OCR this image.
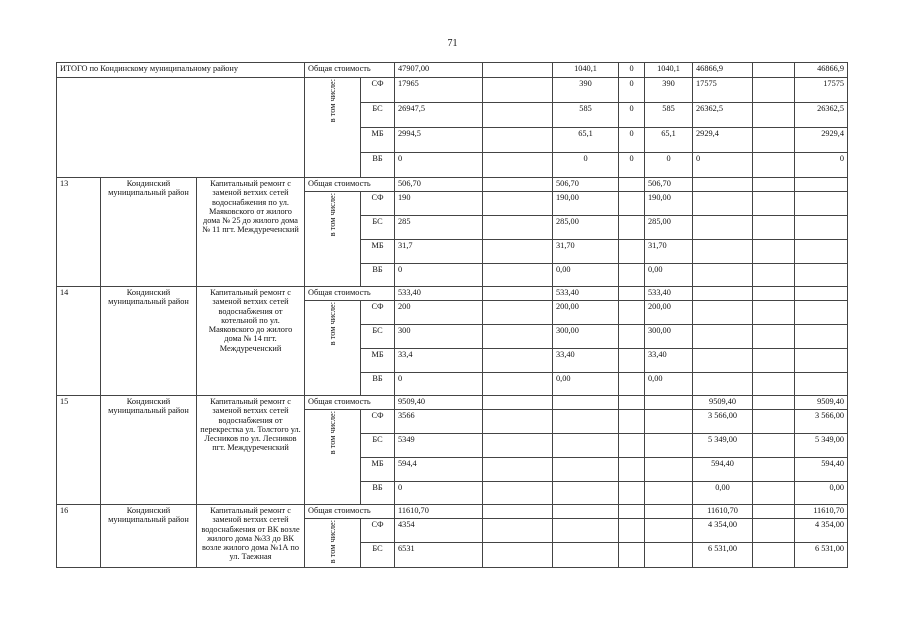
71
ИТОГО по Кондинскому муниципальному району			Общая стоимость		47907,00		1040,1	0	1040,1	46866,9		46866,9
			в том числе:	СФ	17965		390	0	390	17575		17575
				БС	26947,5		585	0	585	26362,5		26362,5
				МБ	2994,5		65,1	0	65,1	2929,4		2929,4
				ВБ	0		0	0	0	0		0
13	Кондинский муниципальный район	Капитальный ремонт с заменой ветхих сетей водоснабжения по ул. Маяковского от жилого дома № 25 до жилого дома № 11 пгт. Междуреченский	Общая стоимость		506,70		506,70		506,70			
			в том числе:	СФ	190		190,00		190,00			
				БС	285		285,00		285,00			
				МБ	31,7		31,70		31,70			
				ВБ	0		0,00		0,00			
14	Кондинский муниципальный район	Капитальный ремонт с заменой ветхих сетей водоснабжения от котельной по ул. Маяковского до жилого дома № 14 пгт. Междуреченский	Общая стоимость		533,40		533,40		533,40			
			в том числе:	СФ	200		200,00		200,00			
				БС	300		300,00		300,00			
				МБ	33,4		33,40		33,40			
				ВБ	0		0,00		0,00			
15	Кондинский муниципальный район	Капитальный ремонт с заменой ветхих сетей водоснабжения от перекрестка ул. Толстого ул. Лесников по ул. Лесников пгт. Междуреченский	Общая стоимость		9509,40					9509,40		9509,40
			в том числе:	СФ	3566					3 566,00		3 566,00
				БС	5349					5 349,00		5 349,00
				МБ	594,4					594,40		594,40
				ВБ	0					0,00		0,00
16	Кондинский муниципальный район	Капитальный ремонт с заменой ветхих сетей водоснабжения от ВК возле жилого дома №33 до ВК возле жилого дома №1А по ул. Таежная	Общая стоимость		11610,70					11610,70		11610,70
			в том числе:	СФ	4354					4 354,00		4 354,00
				БС	6531					6 531,00		6 531,00
